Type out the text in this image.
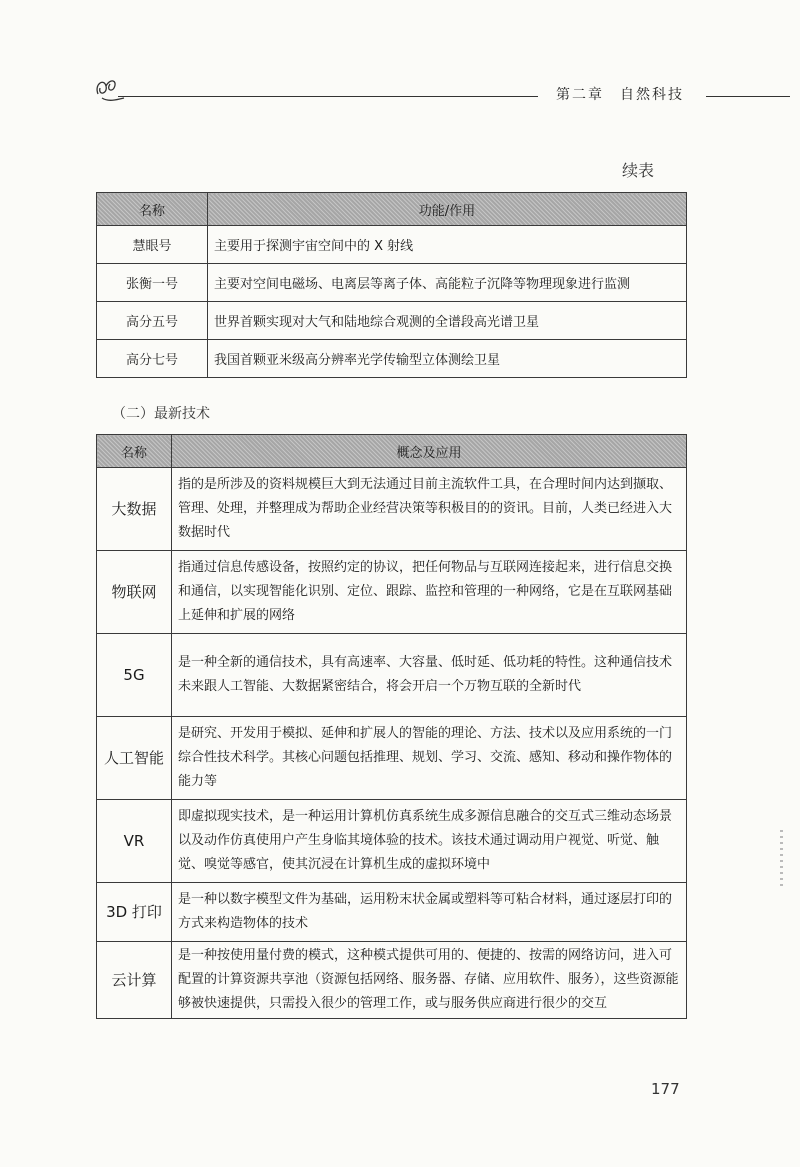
第二章　自然科技
续表
名称	功能/作用
慧眼号	主要用于探测宇宙空间中的 X 射线
张衡一号	主要对空间电磁场、电离层等离子体、高能粒子沉降等物理现象进行监测
高分五号	世界首颗实现对大气和陆地综合观测的全谱段高光谱卫星
高分七号	我国首颗亚米级高分辨率光学传输型立体测绘卫星
（二）最新技术
名称	概念及应用
大数据	指的是所涉及的资料规模巨大到无法通过目前主流软件工具，在合理时间内达到撷取、管理、处理，并整理成为帮助企业经营决策等积极目的的资讯。目前，人类已经进入大数据时代
物联网	指通过信息传感设备，按照约定的协议，把任何物品与互联网连接起来，进行信息交换和通信，以实现智能化识别、定位、跟踪、监控和管理的一种网络，它是在互联网基础上延伸和扩展的网络
5G	是一种全新的通信技术，具有高速率、大容量、低时延、低功耗的特性。这种通信技术未来跟人工智能、大数据紧密结合，将会开启一个万物互联的全新时代
人工智能	是研究、开发用于模拟、延伸和扩展人的智能的理论、方法、技术以及应用系统的一门综合性技术科学。其核心问题包括推理、规划、学习、交流、感知、移动和操作物体的能力等
VR	即虚拟现实技术，是一种运用计算机仿真系统生成多源信息融合的交互式三维动态场景以及动作仿真使用户产生身临其境体验的技术。该技术通过调动用户视觉、听觉、触觉、嗅觉等感官，使其沉浸在计算机生成的虚拟环境中
3D 打印	是一种以数字模型文件为基础，运用粉末状金属或塑料等可粘合材料，通过逐层打印的方式来构造物体的技术
云计算	是一种按使用量付费的模式，这种模式提供可用的、便捷的、按需的网络访问，进入可配置的计算资源共享池（资源包括网络、服务器、存储、应用软件、服务），这些资源能够被快速提供，只需投入很少的管理工作，或与服务供应商进行很少的交互
177
